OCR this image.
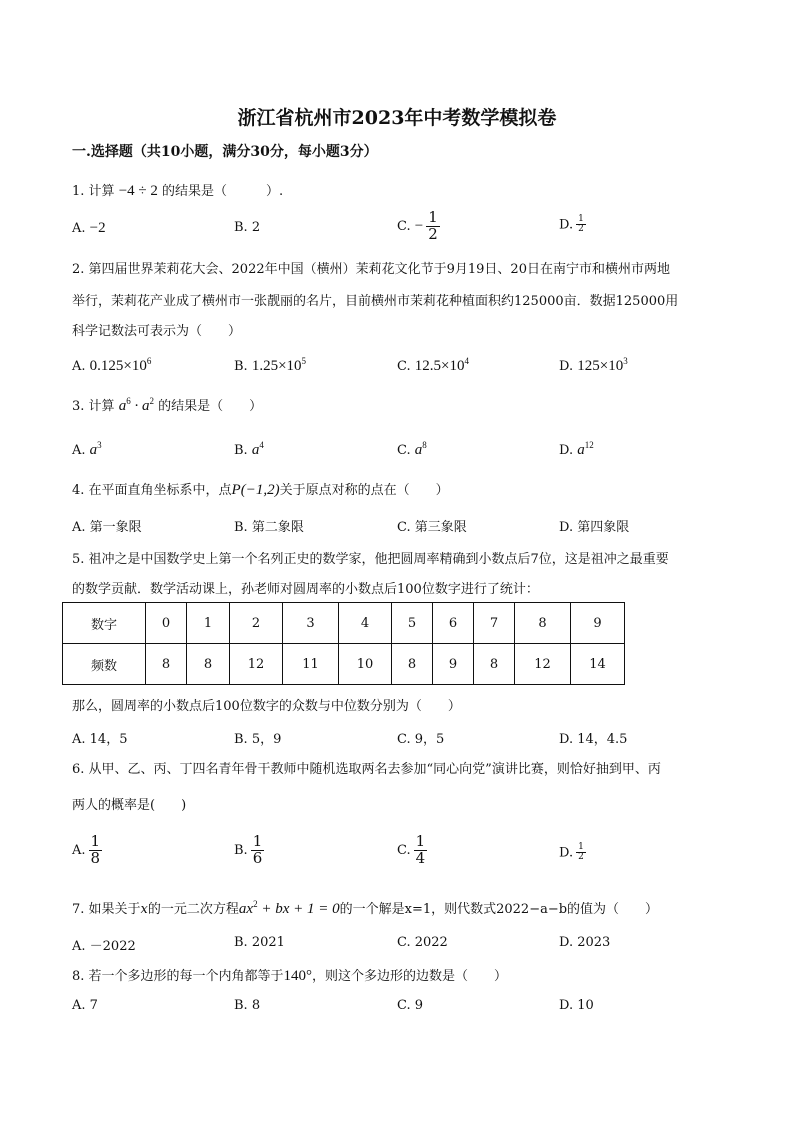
浙江省杭州市2023年中考数学模拟卷
一.选择题（共10小题，满分30分，每小题3分）
1. 计算 −4 ÷ 2 的结果是（　　　）.
A. −2	B. 2	C. − $\frac{1}{2}$	D. $\frac{1}{2}$
2. 第四届世界茉莉花大会、2022年中国（横州）茉莉花文化节于9月19日、20日在南宁市和横州市两地
举行，茉莉花产业成了横州市一张靓丽的名片，目前横州市茉莉花种植面积约125000亩．数据125000用
科学记数法可表示为（　　）
A. $0.125\times 10^6$	B. $1.25\times 10^5$	C. $12.5\times 10^4$	D. $125\times 10^3$
3. 计算 $a^6 \cdot a^2$ 的结果是（　　）
A. $a^3$	B. $a^4$	C. $a^8$	D. $a^{12}$
4. 在平面直角坐标系中，点P(−1,2)关于原点对称的点在（　　）
A. 第一象限	B. 第二象限	C. 第三象限	D. 第四象限
5. 祖冲之是中国数学史上第一个名列正史的数学家，他把圆周率精确到小数点后7位，这是祖冲之最重要
的数学贡献．数学活动课上，孙老师对圆周率的小数点后100位数字进行了统计：
数字	0	1	2	3	4	5	6	7	8	9
频数	8	8	12	11	10	8	9	8	12	14
那么，圆周率的小数点后100位数字的众数与中位数分别为（　　）
A. 14，5	B. 5，9	C. 9，5	D. 14，4.5
6. 从甲、乙、丙、丁四名青年骨干教师中随机选取两名去参加“同心向党”演讲比赛，则恰好抽到甲、丙
两人的概率是(　　)
A. $\frac{1}{8}$	B. $\frac{1}{6}$	C. $\frac{1}{4}$	D. $\frac{1}{2}$
7. 如果关于x的一元二次方程$ax^2$ + bx + 1 = 0的一个解是x=1，则代数式2022−a−b的值为（　　）
A. －2022	B. 2021	C. 2022	D. 2023
8. 若一个多边形的每一个内角都等于140°，则这个多边形的边数是（　　）
A. 7	B. 8	C. 9	D. 10
